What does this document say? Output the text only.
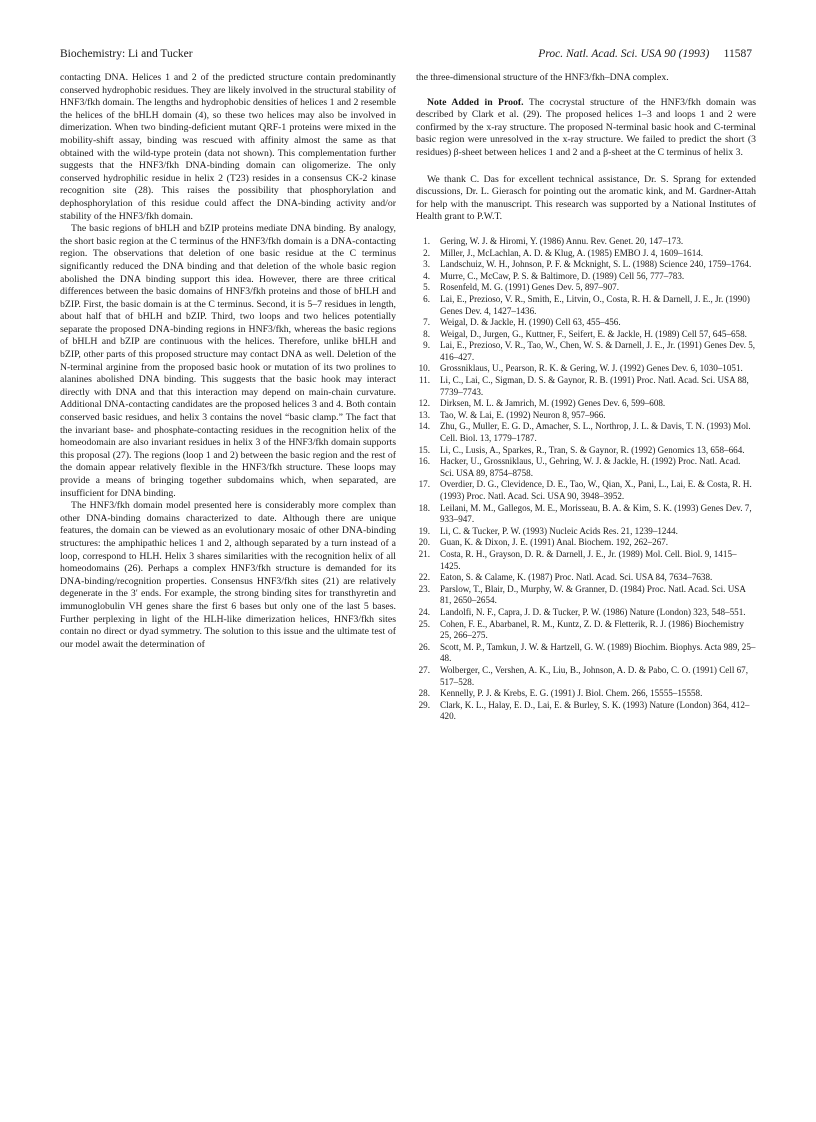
Biochemistry: Li and Tucker	Proc. Natl. Acad. Sci. USA 90 (1993) 11587

contacting DNA. Helices 1 and 2 of the predicted structure contain predominantly conserved hydrophobic residues. They are likely involved in the structural stability of HNF3/fkh domain. The lengths and hydrophobic densities of helices 1 and 2 resemble the helices of the bHLH domain (4), so these two helices may also be involved in dimerization. When two binding-deficient mutant QRF-1 proteins were mixed in the mobility-shift assay, binding was rescued with affinity almost the same as that obtained with the wild-type protein (data not shown). This complementation further suggests that the HNF3/fkh DNA-binding domain can oligomerize. The only conserved hydrophilic residue in helix 2 (T23) resides in a consensus CK-2 kinase recognition site (28). This raises the possibility that phosphorylation and dephosphorylation of this residue could affect the DNA-binding activity and/or stability of the HNF3/fkh domain.

The basic regions of bHLH and bZIP proteins mediate DNA binding. By analogy, the short basic region at the C terminus of the HNF3/fkh domain is a DNA-contacting region. The observations that deletion of one basic residue at the C terminus significantly reduced the DNA binding and that deletion of the whole basic region abolished the DNA binding support this idea. However, there are three critical differences between the basic domains of HNF3/fkh proteins and those of bHLH and bZIP. First, the basic domain is at the C terminus. Second, it is 5–7 residues in length, about half that of bHLH and bZIP. Third, two loops and two helices potentially separate the proposed DNA-binding regions in HNF3/fkh, whereas the basic regions of bHLH and bZIP are continuous with the helices. Therefore, unlike bHLH and bZIP, other parts of this proposed structure may contact DNA as well. Deletion of the N-terminal arginine from the proposed basic hook or mutation of its two prolines to alanines abolished DNA binding. This suggests that the basic hook may interact directly with DNA and that this interaction may depend on main-chain curvature. Additional DNA-contacting candidates are the proposed helices 3 and 4. Both contain conserved basic residues, and helix 3 contains the novel “basic clamp.” The fact that the invariant base- and phosphate-contacting residues in the recognition helix of the homeodomain are also invariant residues in helix 3 of the HNF3/fkh domain supports this proposal (27). The regions (loop 1 and 2) between the basic region and the rest of the domain appear relatively flexible in the HNF3/fkh structure. These loops may provide a means of bringing together subdomains which, when separated, are insufficient for DNA binding.

The HNF3/fkh domain model presented here is considerably more complex than other DNA-binding domains characterized to date. Although there are unique features, the domain can be viewed as an evolutionary mosaic of other DNA-binding structures: the amphipathic helices 1 and 2, although separated by a turn instead of a loop, correspond to HLH. Helix 3 shares similarities with the recognition helix of all homeodomains (26). Perhaps a complex HNF3/fkh structure is demanded for its DNA-binding/recognition properties. Consensus HNF3/fkh sites (21) are relatively degenerate in the 3′ ends. For example, the strong binding sites for transthyretin and immunoglobulin VH genes share the first 6 bases but only one of the last 5 bases. Further perplexing in light of the HLH-like dimerization helices, HNF3/fkh sites contain no direct or dyad symmetry. The solution to this issue and the ultimate test of our model await the determination of

the three-dimensional structure of the HNF3/fkh–DNA complex.

Note Added in Proof. The cocrystal structure of the HNF3/fkh domain was described by Clark et al. (29). The proposed helices 1–3 and loops 1 and 2 were confirmed by the x-ray structure. The proposed N-terminal basic hook and C-terminal basic region were unresolved in the x-ray structure. We failed to predict the short (3 residues) β-sheet between helices 1 and 2 and a β-sheet at the C terminus of helix 3.

We thank C. Das for excellent technical assistance, Dr. S. Sprang for extended discussions, Dr. L. Gierasch for pointing out the aromatic kink, and M. Gardner-Attah for help with the manuscript. This research was supported by a National Institutes of Health grant to P.W.T.

1. Gering, W. J. & Hiromi, Y. (1986) Annu. Rev. Genet. 20, 147–173.
2. Miller, J., McLachlan, A. D. & Klug, A. (1985) EMBO J. 4, 1609–1614.
3. Landschuiz, W. H., Johnson, P. F. & Mcknight, S. L. (1988) Science 240, 1759–1764.
4. Murre, C., McCaw, P. S. & Baltimore, D. (1989) Cell 56, 777–783.
5. Rosenfeld, M. G. (1991) Genes Dev. 5, 897–907.
6. Lai, E., Prezioso, V. R., Smith, E., Litvin, O., Costa, R. H. & Darnell, J. E., Jr. (1990) Genes Dev. 4, 1427–1436.
7. Weigal, D. & Jackle, H. (1990) Cell 63, 455–456.
8. Weigal, D., Jurgen, G., Kuttner, F., Seifert, E. & Jackle, H. (1989) Cell 57, 645–658.
9. Lai, E., Prezioso, V. R., Tao, W., Chen, W. S. & Darnell, J. E., Jr. (1991) Genes Dev. 5, 416–427.
10. Grossniklaus, U., Pearson, R. K. & Gering, W. J. (1992) Genes Dev. 6, 1030–1051.
11. Li, C., Lai, C., Sigman, D. S. & Gaynor, R. B. (1991) Proc. Natl. Acad. Sci. USA 88, 7739–7743.
12. Dirksen, M. L. & Jamrich, M. (1992) Genes Dev. 6, 599–608.
13. Tao, W. & Lai, E. (1992) Neuron 8, 957–966.
14. Zhu, G., Muller, E. G. D., Amacher, S. L., Northrop, J. L. & Davis, T. N. (1993) Mol. Cell. Biol. 13, 1779–1787.
15. Li, C., Lusis, A., Sparkes, R., Tran, S. & Gaynor, R. (1992) Genomics 13, 658–664.
16. Hacker, U., Grossniklaus, U., Gehring, W. J. & Jackle, H. (1992) Proc. Natl. Acad. Sci. USA 89, 8754–8758.
17. Overdier, D. G., Clevidence, D. E., Tao, W., Qian, X., Pani, L., Lai, E. & Costa, R. H. (1993) Proc. Natl. Acad. Sci. USA 90, 3948–3952.
18. Leilani, M. M., Gallegos, M. E., Morisseau, B. A. & Kim, S. K. (1993) Genes Dev. 7, 933–947.
19. Li, C. & Tucker, P. W. (1993) Nucleic Acids Res. 21, 1239–1244.
20. Guan, K. & Dixon, J. E. (1991) Anal. Biochem. 192, 262–267.
21. Costa, R. H., Grayson, D. R. & Darnell, J. E., Jr. (1989) Mol. Cell. Biol. 9, 1415–1425.
22. Eaton, S. & Calame, K. (1987) Proc. Natl. Acad. Sci. USA 84, 7634–7638.
23. Parslow, T., Blair, D., Murphy, W. & Granner, D. (1984) Proc. Natl. Acad. Sci. USA 81, 2650–2654.
24. Landolfi, N. F., Capra, J. D. & Tucker, P. W. (1986) Nature (London) 323, 548–551.
25. Cohen, F. E., Abarbanel, R. M., Kuntz, Z. D. & Fletterik, R. J. (1986) Biochemistry 25, 266–275.
26. Scott, M. P., Tamkun, J. W. & Hartzell, G. W. (1989) Biochim. Biophys. Acta 989, 25–48.
27. Wolberger, C., Vershen, A. K., Liu, B., Johnson, A. D. & Pabo, C. O. (1991) Cell 67, 517–528.
28. Kennelly, P. J. & Krebs, E. G. (1991) J. Biol. Chem. 266, 15555–15558.
29. Clark, K. L., Halay, E. D., Lai, E. & Burley, S. K. (1993) Nature (London) 364, 412–420.
